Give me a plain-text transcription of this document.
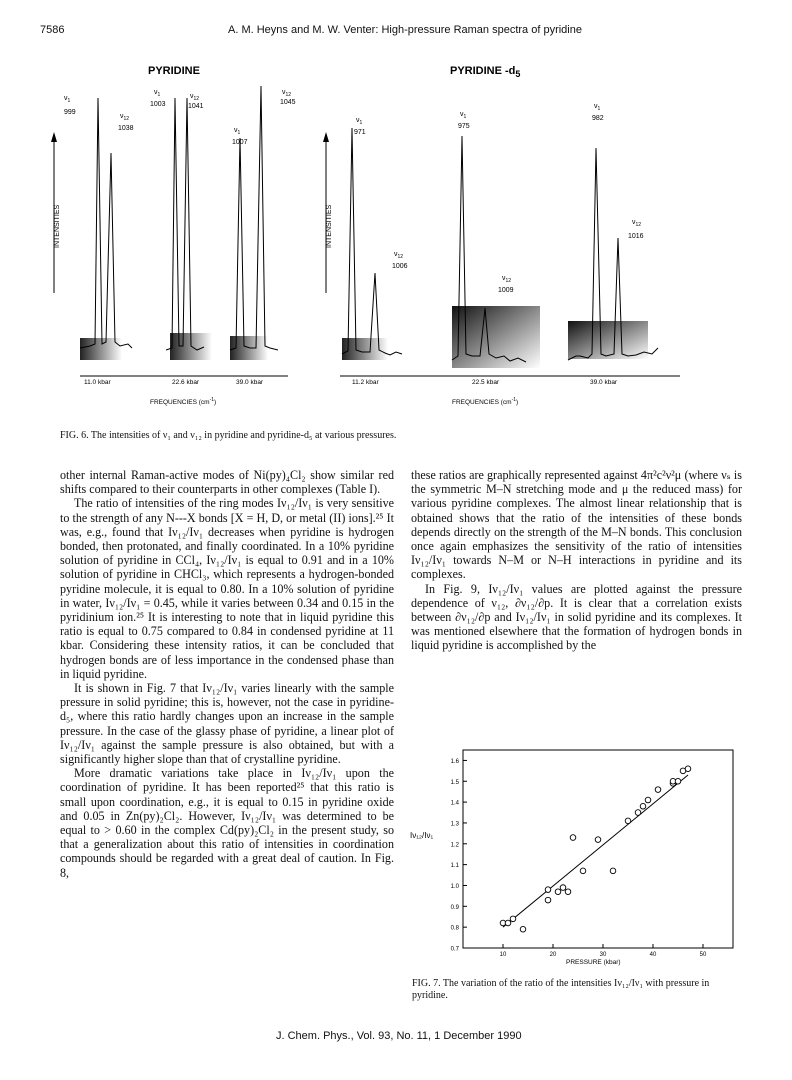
7586	A. M. Heyns and M. W. Venter: High-pressure Raman spectra of pyridine
PYRIDINE	PYRIDINE $-d_5$
INTENSITIES	INTENSITIES
$\nu_1$
999
$\nu_{12}$
1038
$\nu_1$
1003
$\nu_{12}$
1041
$\nu_1$
1007
$\nu_{12}$
1045
$\nu_1$
971
$\nu_{12}$
1006
$\nu_1$
975
$\nu_{12}$
1009
$\nu_1$
982
$\nu_{12}$
1016
11.0 kbar	22.6 kbar	39.0 kbar	11.2 kbar	22.5 kbar	39.0 kbar
FREQUENCIES $(cm^{-1})$	FREQUENCIES $(cm^{-1})$
FIG. 6. The intensities of ν₁ and ν₁₂ in pyridine and pyridine-d₅ at various pressures.

other internal Raman-active modes of Ni(py)₄Cl₂ show similar red shifts compared to their counterparts in other complexes (Table I).

The ratio of intensities of the ring modes Iν₁₂/Iν₁ is very sensitive to the strength of any N---X bonds [X = H, D, or metal (II) ions].²⁵ It was, e.g., found that Iν₁₂/Iν₁ decreases when pyridine is hydrogen bonded, then protonated, and finally coordinated. In a 10% pyridine solution of pyridine in CCl₄, Iν₁₂/Iν₁ is equal to 0.91 and in a 10% solution of pyridine in CHCl₃, which represents a hydrogen-bonded pyridine molecule, it is equal to 0.80. In a 10% solution of pyridine in water, Iν₁₂/Iν₁ = 0.45, while it varies between 0.34 and 0.15 in the pyridinium ion.²⁵ It is interesting to note that in liquid pyridine this ratio is equal to 0.75 compared to 0.84 in condensed pyridine at 11 kbar. Considering these intensity ratios, it can be concluded that hydrogen bonds are of less importance in the condensed phase than in liquid pyridine.

It is shown in Fig. 7 that Iν₁₂/Iν₁ varies linearly with the sample pressure in solid pyridine; this is, however, not the case in pyridine-d₅, where this ratio hardly changes upon an increase in the sample pressure. In the case of the glassy phase of pyridine, a linear plot of Iν₁₂/Iν₁ against the sample pressure is also obtained, but with a significantly higher slope than that of crystalline pyridine.

More dramatic variations take place in Iν₁₂/Iν₁ upon the coordination of pyridine. It has been reported²⁵ that this ratio is small upon coordination, e.g., it is equal to 0.15 in pyridine oxide and 0.05 in Zn(py)₂Cl₂. However, Iν₁₂/Iν₁ was determined to be equal to > 0.60 in the complex Cd(py)₂Cl₂ in the present study, so that a generalization about this ratio of intensities in coordination compounds should be regarded with a great deal of caution. In Fig. 8,

these ratios are graphically represented against 4π²c²ν²μ (where νₛ is the symmetric M–N stretching mode and μ the reduced mass) for various pyridine complexes. The almost linear relationship that is obtained shows that the ratio of the intensities of these bonds depends directly on the strength of the M–N bonds. This conclusion once again emphasizes the sensitivity of the ratio of intensities Iν₁₂/Iν₁ towards N–M or N–H interactions in pyridine and its complexes.

In Fig. 9, Iν₁₂/Iν₁ values are plotted against the pressure dependence of ν₁₂, ∂ν₁₂/∂p. It is clear that a correlation exists between ∂ν₁₂/∂p and Iν₁₂/Iν₁ in solid pyridine and its complexes. It was mentioned elsewhere that the formation of hydrogen bonds in liquid pyridine is accomplished by the

0.7
0.8
0.9
1.0
1.1
1.2
1.3
1.4
1.5
1.6
10	20	30	40	50
Iν₁₂/Iν₁
PRESSURE (kbar)
FIG. 7. The variation of the ratio of the intensities Iν₁₂/Iν₁ with pressure in pyridine.
J. Chem. Phys., Vol. 93, No. 11, 1 December 1990
